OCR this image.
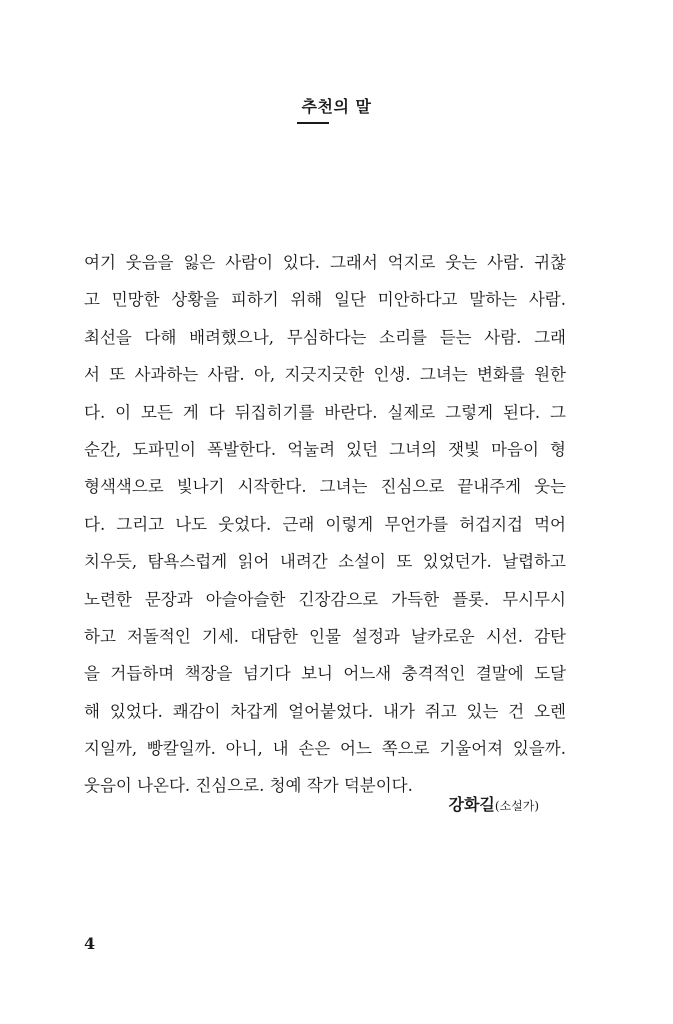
추천의 말
여기 웃음을 잃은 사람이 있다. 그래서 억지로 웃는 사람. 귀찮
고 민망한 상황을 피하기 위해 일단 미안하다고 말하는 사람.
최선을 다해 배려했으나, 무심하다는 소리를 듣는 사람. 그래
서 또 사과하는 사람. 아, 지긋지긋한 인생. 그녀는 변화를 원한
다. 이 모든 게 다 뒤집히기를 바란다. 실제로 그렇게 된다. 그
순간, 도파민이 폭발한다. 억눌려 있던 그녀의 잿빛 마음이 형
형색색으로 빛나기 시작한다. 그녀는 진심으로 끝내주게 웃는
다. 그리고 나도 웃었다. 근래 이렇게 무언가를 허겁지겁 먹어
치우듯, 탐욕스럽게 읽어 내려간 소설이 또 있었던가. 날렵하고
노련한 문장과 아슬아슬한 긴장감으로 가득한 플롯. 무시무시
하고 저돌적인 기세. 대담한 인물 설정과 날카로운 시선. 감탄
을 거듭하며 책장을 넘기다 보니 어느새 충격적인 결말에 도달
해 있었다. 쾌감이 차갑게 얼어붙었다. 내가 쥐고 있는 건 오렌
지일까, 빵칼일까. 아니, 내 손은 어느 쪽으로 기울어져 있을까.
웃음이 나온다. 진심으로. 청예 작가 덕분이다.
강화길(소설가)
4
